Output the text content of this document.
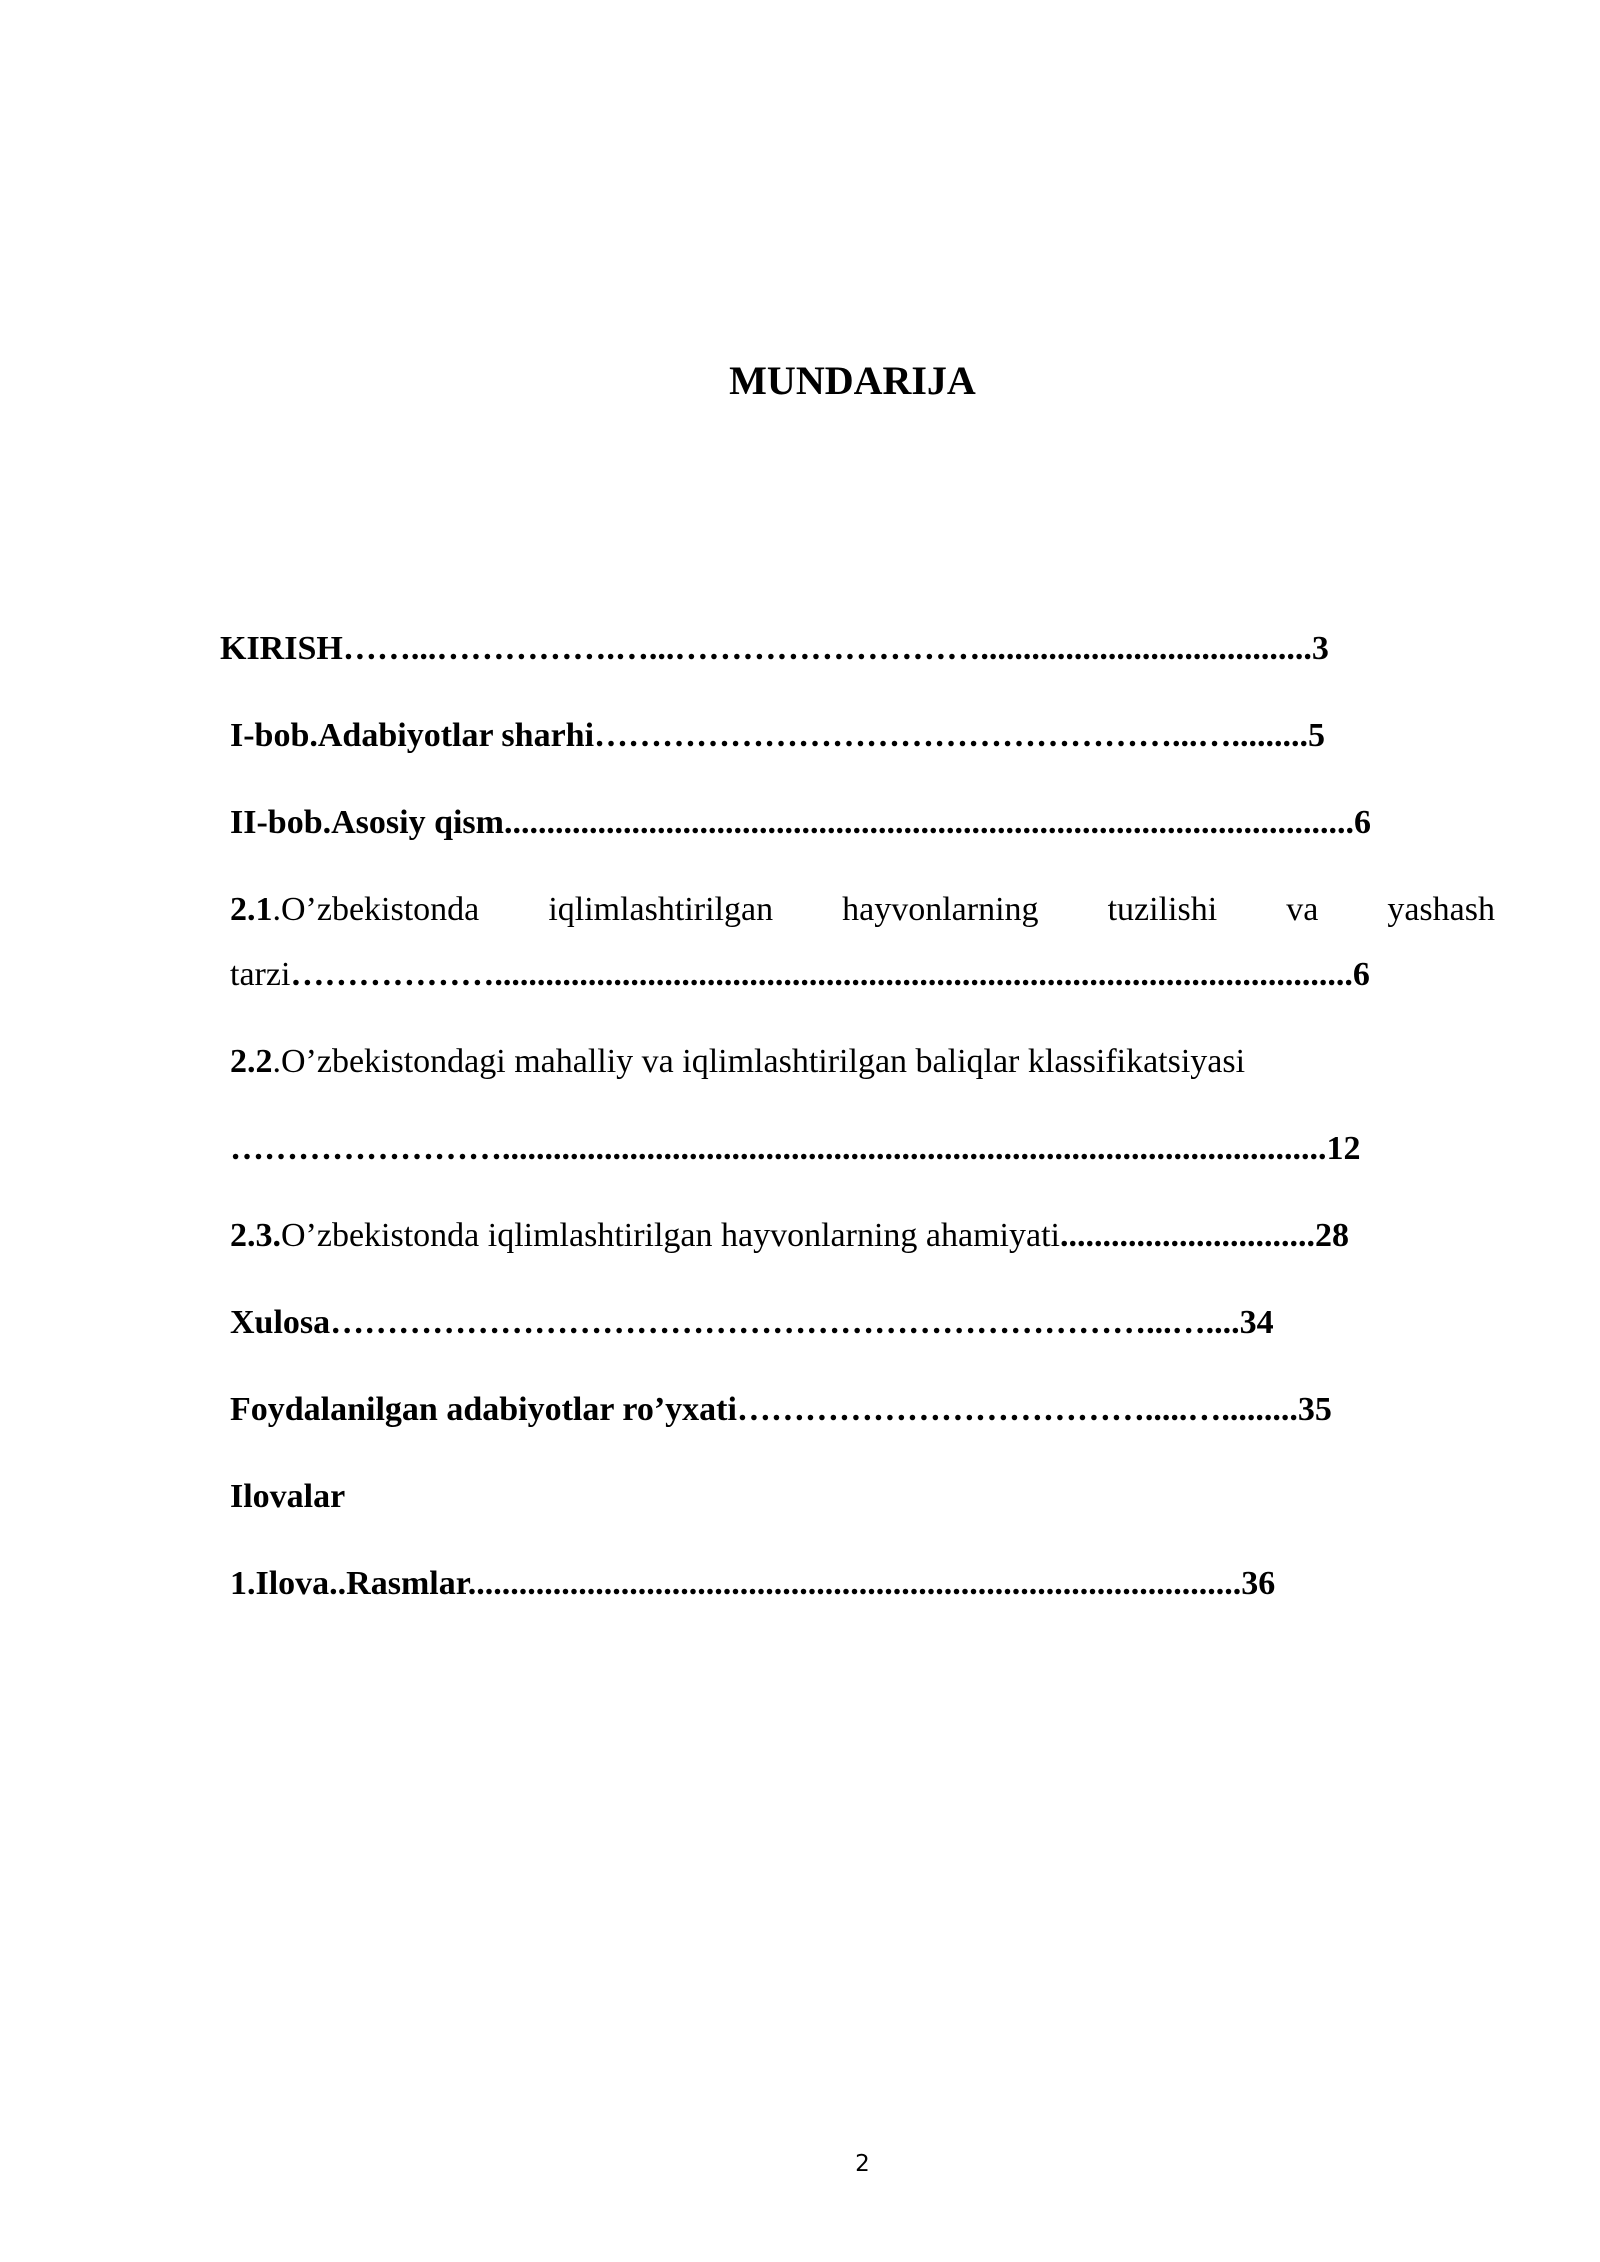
MUNDARIJA
KIRISH……...…………….…...……………………….......................................3
I-bob.Adabiyotlar sharhi……………………………………………...….........5
II-bob.Asosiy qism....................................................................................................6
2.1.O’zbekistonda iqlimlashtirilgan hayvonlarning tuzilishi va yashash
tarzi……………….....................................................................................................6
2.2.O’zbekistondagi mahalliy va iqlimlashtirilgan baliqlar klassifikatsiyasi
…………………….................................................................................................12
2.3.O’zbekistonda iqlimlashtirilgan hayvonlarning ahamiyati..............................28
Xulosa………………………………………………………………...…....34
Foydalanilgan adabiyotlar ro’yxati……………………………….....….........35
Ilovalar
1.Ilova..Rasmlar...........................................................................................36
2
